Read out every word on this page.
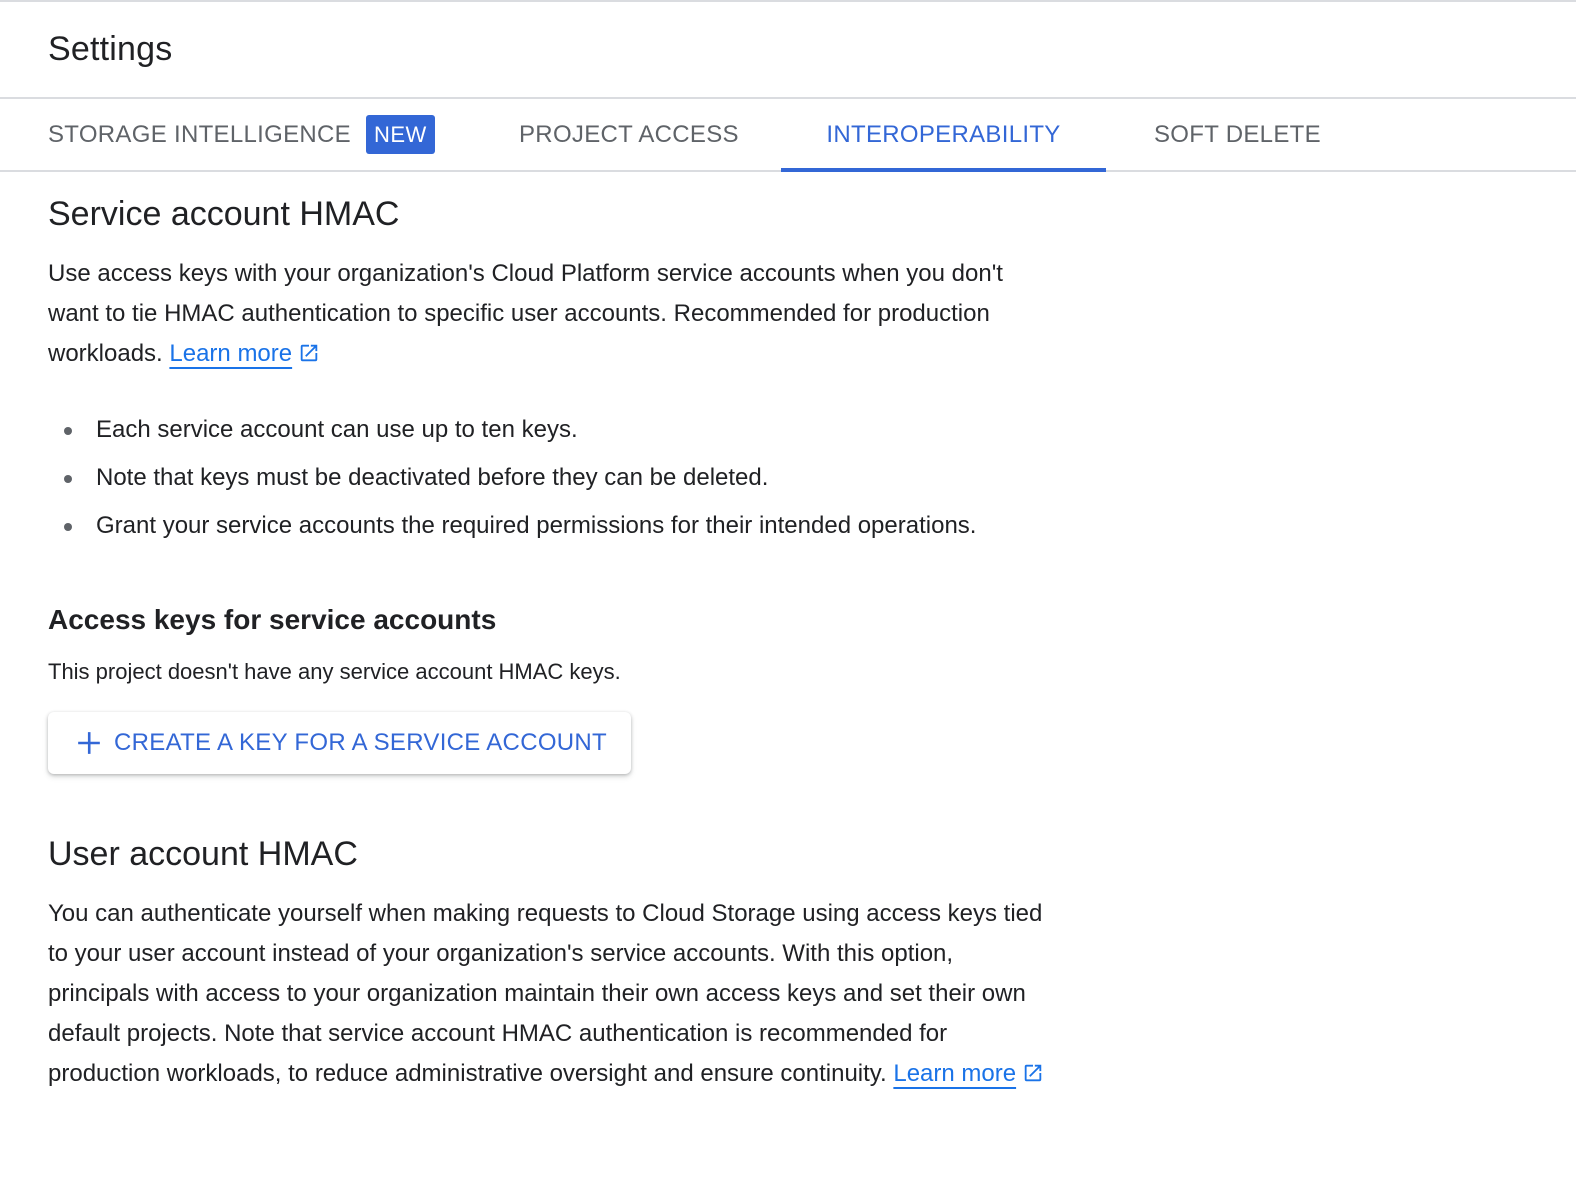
Settings
STORAGE INTELLIGENCE	NEW	PROJECT ACCESS	INTEROPERABILITY	SOFT DELETE
Service account HMAC

Use access keys with your organization's Cloud Platform service accounts when you don't want to tie HMAC authentication to specific user accounts. Recommended for production workloads. Learn more

Each service account can use up to ten keys.
Note that keys must be deactivated before they can be deleted.
Grant your service accounts the required permissions for their intended operations.
Access keys for service accounts

This project doesn't have any service account HMAC keys.

CREATE A KEY FOR A SERVICE ACCOUNT
User account HMAC

You can authenticate yourself when making requests to Cloud Storage using access keys tied to your user account instead of your organization's service accounts. With this option, principals with access to your organization maintain their own access keys and set their own default projects. Note that service account HMAC authentication is recommended for production workloads, to reduce administrative oversight and ensure continuity. Learn more
